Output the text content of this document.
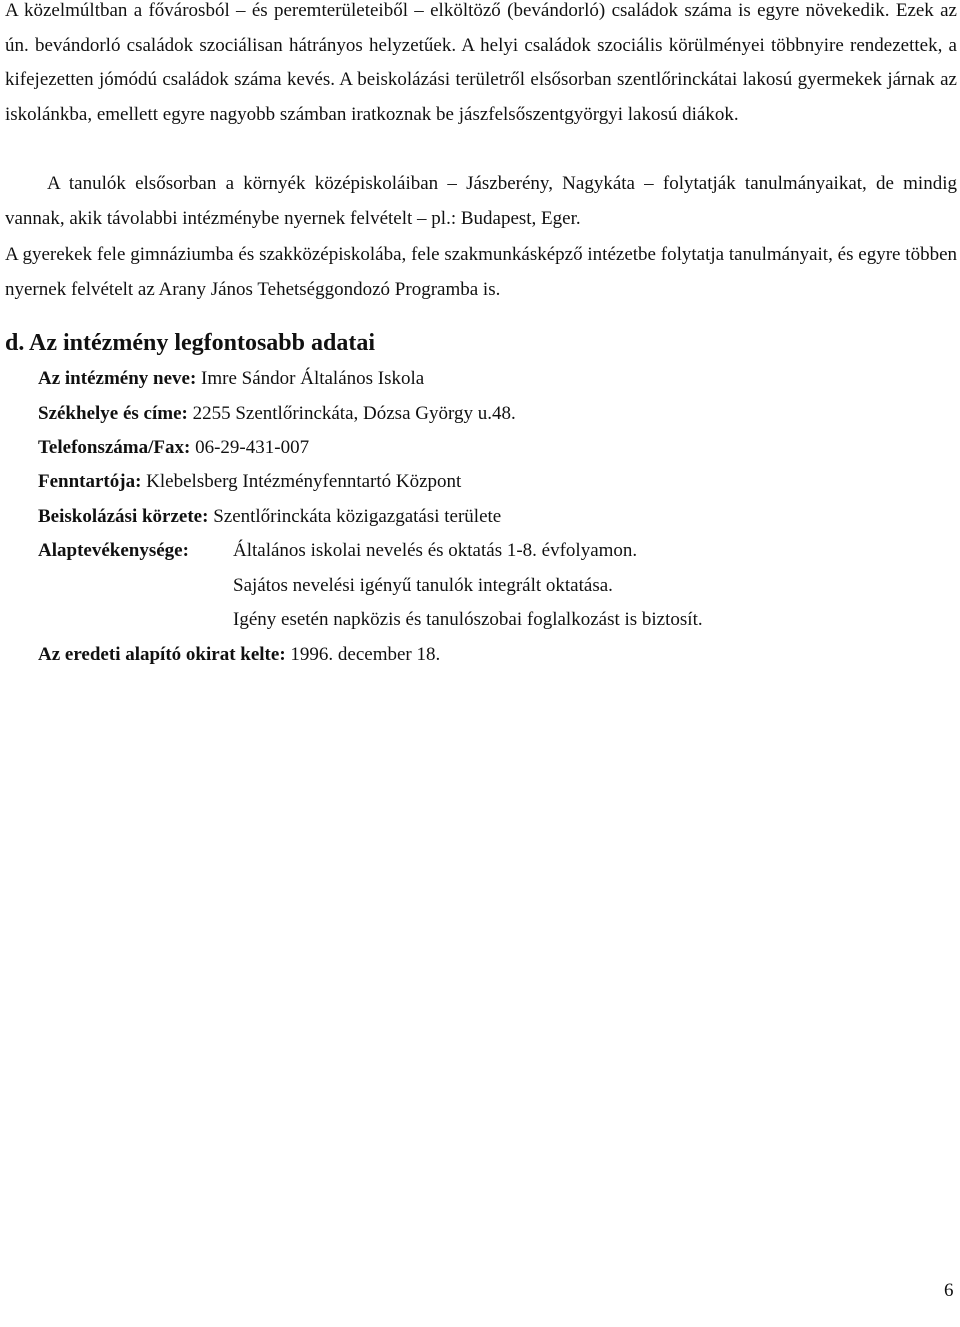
A közelmúltban a fővárosból – és peremterületeiből – elköltöző (bevándorló) családok száma is egyre növekedik. Ezek az ún. bevándorló családok szociálisan hátrányos helyzetűek. A helyi családok szociális körülményei többnyire rendezettek, a kifejezetten jómódú családok száma kevés. A beiskolázási területről elsősorban szentlőrinckátai lakosú gyermekek járnak az iskolánkba, emellett egyre nagyobb számban iratkoznak be jászfelsőszentgyörgyi lakosú diákok.

A tanulók elsősorban a környék középiskoláiban – Jászberény, Nagykáta – folytatják tanulmányaikat, de mindig vannak, akik távolabbi intézménybe nyernek felvételt – pl.: Budapest, Eger.

A gyerekek fele gimnáziumba és szakközépiskolába, fele szakmunkásképző intézetbe folytatja tanulmányait, és egyre többen nyernek felvételt az Arany János Tehetséggondozó Programba is.

d. Az intézmény legfontosabb adatai

Az intézmény neve: Imre Sándor Általános Iskola

Székhelye és címe: 2255 Szentlőrinckáta, Dózsa György u.48.

Telefonszáma/Fax: 06-29-431-007

Fenntartója: Klebelsberg Intézményfenntartó Központ

Beiskolázási körzete: Szentlőrinckáta közigazgatási területe

Alaptevékenysége: Általános iskolai nevelés és oktatás 1-8. évfolyamon.

Sajátos nevelési igényű tanulók integrált oktatása.

Igény esetén napközis és tanulószobai foglalkozást is biztosít.

Az eredeti alapító okirat kelte: 1996. december 18.

6
